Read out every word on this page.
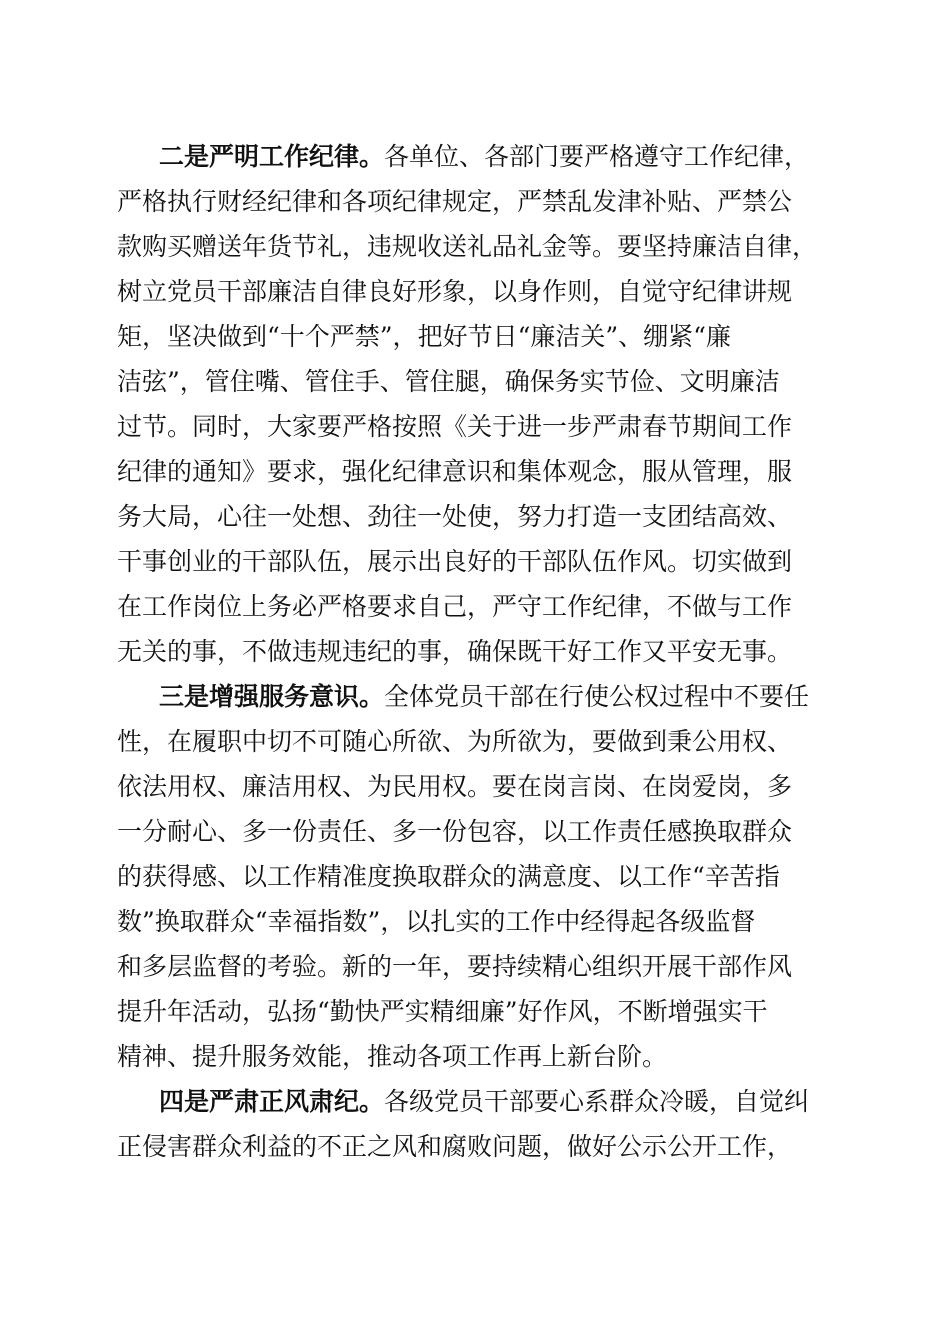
二是严明工作纪律。各单位、各部门要严格遵守工作纪律，
严格执行财经纪律和各项纪律规定，严禁乱发津补贴、严禁公
款购买赠送年货节礼，违规收送礼品礼金等。要坚持廉洁自律，
树立党员干部廉洁自律良好形象，以身作则，自觉守纪律讲规
矩，坚决做到“十个严禁”，把好节日“廉洁关”、绷紧“廉
洁弦”，管住嘴、管住手、管住腿，确保务实节俭、文明廉洁
过节。同时，大家要严格按照《关于进一步严肃春节期间工作
纪律的通知》要求，强化纪律意识和集体观念，服从管理，服
务大局，心往一处想、劲往一处使，努力打造一支团结高效、
干事创业的干部队伍，展示出良好的干部队伍作风。切实做到
在工作岗位上务必严格要求自己，严守工作纪律，不做与工作
无关的事，不做违规违纪的事，确保既干好工作又平安无事。
三是增强服务意识。全体党员干部在行使公权过程中不要任
性，在履职中切不可随心所欲、为所欲为，要做到秉公用权、
依法用权、廉洁用权、为民用权。要在岗言岗、在岗爱岗，多
一分耐心、多一份责任、多一份包容，以工作责任感换取群众
的获得感、以工作精准度换取群众的满意度、以工作“辛苦指
数”换取群众“幸福指数”，以扎实的工作中经得起各级监督
和多层监督的考验。新的一年，要持续精心组织开展干部作风
提升年活动，弘扬“勤快严实精细廉”好作风，不断增强实干
精神、提升服务效能，推动各项工作再上新台阶。
四是严肃正风肃纪。各级党员干部要心系群众冷暖，自觉纠
正侵害群众利益的不正之风和腐败问题，做好公示公开工作，
